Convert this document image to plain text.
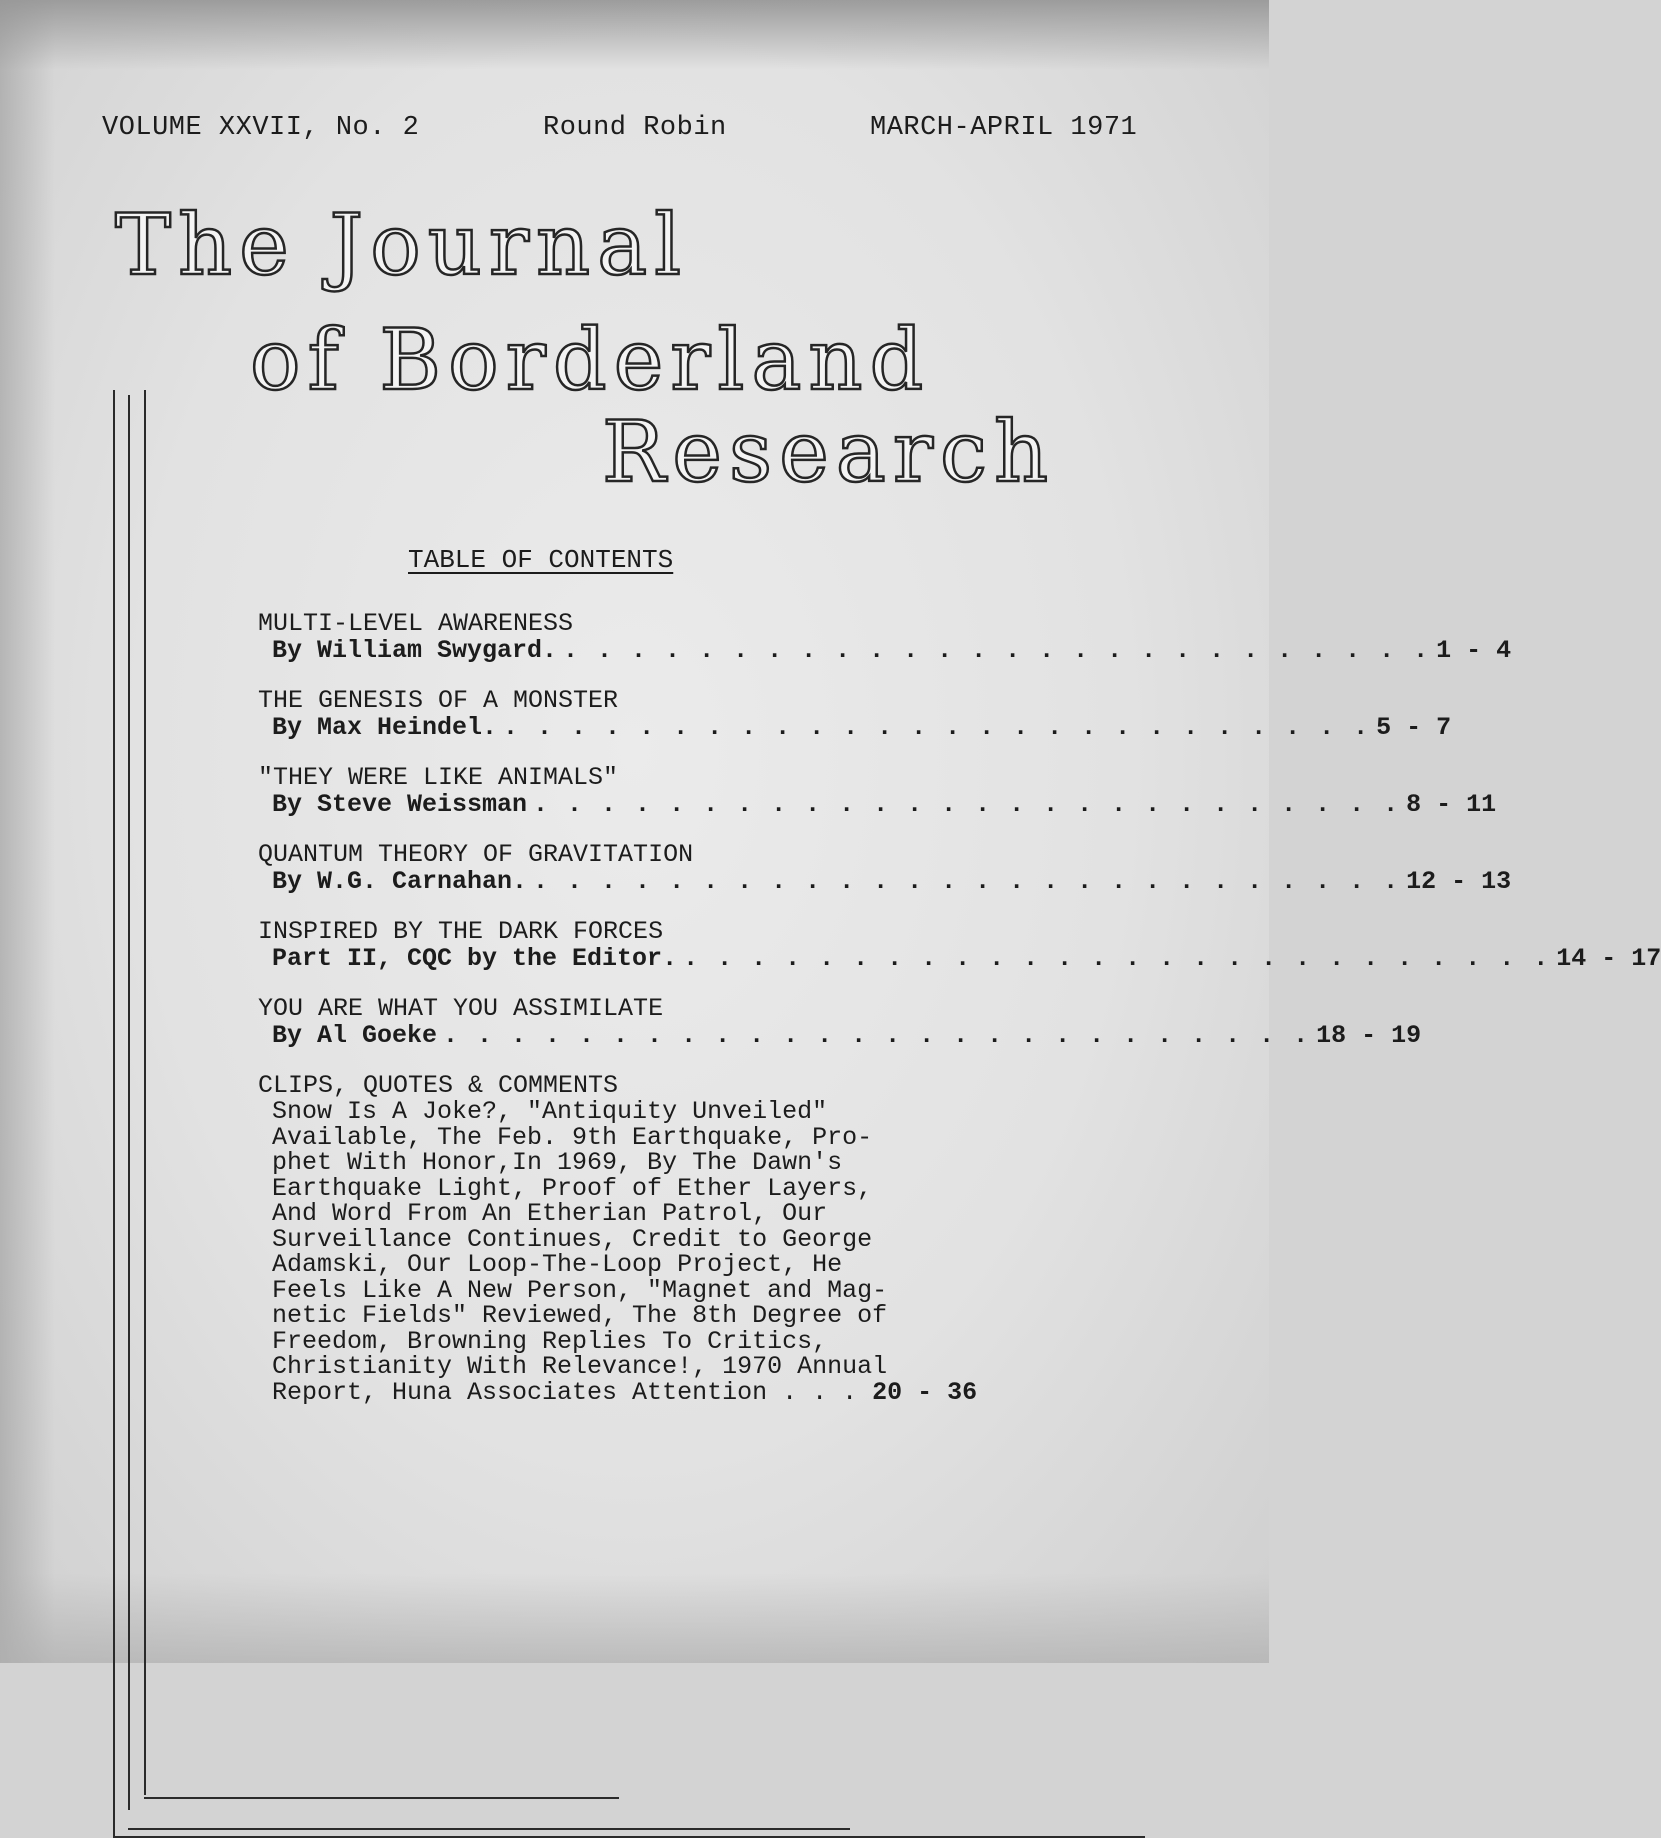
VOLUME XXVII, No. 2	Round Robin	MARCH-APRIL 1971
The Journal
of Borderland
Research
TABLE OF CONTENTS
MULTI-LEVEL AWARENESS
By William Swygard. . . . . . . . . . . . . . . . . . . . . . . . . . . 1 - 4
THE GENESIS OF A MONSTER
By Max Heindel. . . . . . . . . . . . . . . . . . . . . . . . . . . 5 - 7
"THEY WERE LIKE ANIMALS"
By Steve Weissman . . . . . . . . . . . . . . . . . . . . . . . . . . 8 - 11
QUANTUM THEORY OF GRAVITATION
By W.G. Carnahan. . . . . . . . . . . . . . . . . . . . . . . . . . . 12 - 13
INSPIRED BY THE DARK FORCES
Part II, CQC by the Editor. . . . . . . . . . . . . . . . . . . . . . . . . . . 14 - 17
YOU ARE WHAT YOU ASSIMILATE
By Al Goeke . . . . . . . . . . . . . . . . . . . . . . . . . . 18 - 19
CLIPS, QUOTES & COMMENTS
Snow Is A Joke?, "Antiquity Unveiled"
Available, The Feb. 9th Earthquake, Pro-
phet With Honor,In 1969, By The Dawn's
Earthquake Light, Proof of Ether Layers,
And Word From An Etherian Patrol, Our
Surveillance Continues, Credit to George
Adamski, Our Loop-The-Loop Project, He
Feels Like A New Person, "Magnet and Mag-
netic Fields" Reviewed, The 8th Degree of
Freedom, Browning Replies To Critics,
Christianity With Relevance!, 1970 Annual
Report, Huna Associates Attention . . . 20 - 36
